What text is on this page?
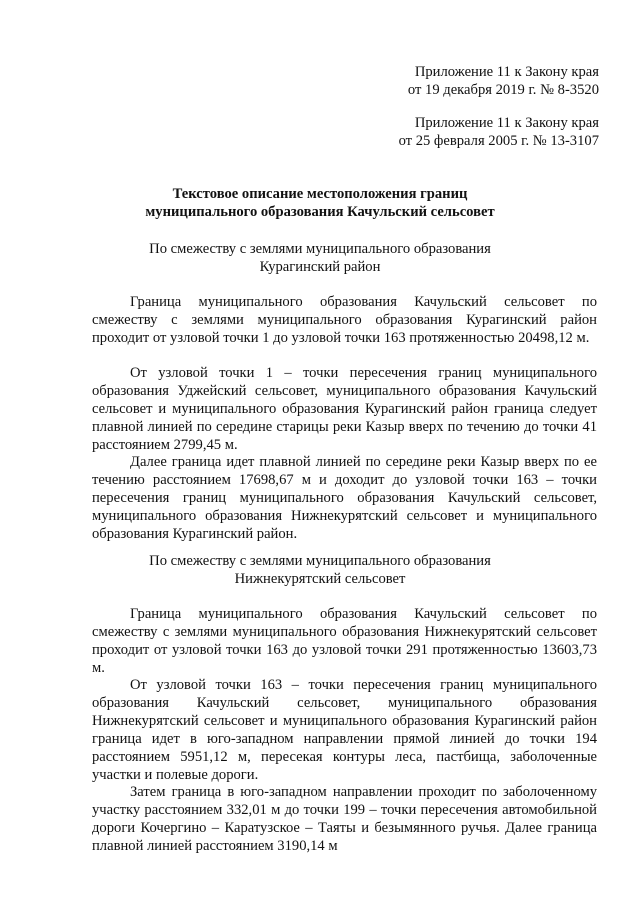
Приложение 11 к Закону края
от 19 декабря 2019 г. № 8-3520
Приложение 11 к Закону края
от 25 февраля 2005 г. № 13-3107
Текстовое описание местоположения границ
муниципального образования Качульский сельсовет
По смежеству с землями муниципального образования
Курагинский район

Граница муниципального образования Качульский сельсовет по смежеству с землями муниципального образования Курагинский район проходит от узловой точки 1 до узловой точки 163 протяженностью 20498,12 м.

От узловой точки 1 – точки пересечения границ муниципального образования Уджейский сельсовет, муниципального образования Качульский сельсовет и муниципального образования Курагинский район граница следует плавной линией по середине старицы реки Казыр вверх по течению до точки 41 расстоянием 2799,45 м.

Далее граница идет плавной линией по середине реки Казыр вверх по ее течению расстоянием 17698,67 м и доходит до узловой точки 163 – точки пересечения границ муниципального образования Качульский сельсовет, муниципального образования Нижнекурятский сельсовет и муниципального образования Курагинский район.

По смежеству с землями муниципального образования
Нижнекурятский сельсовет

Граница муниципального образования Качульский сельсовет по смежеству с землями муниципального образования Нижнекурятский сельсовет проходит от узловой точки 163 до узловой точки 291 протяженностью 13603,73 м.

От узловой точки 163 – точки пересечения границ муниципального образования Качульский сельсовет, муниципального образования Нижнекурятский сельсовет и муниципального образования Курагинский район граница идет в юго-западном направлении прямой линией до точки 194 расстоянием 5951,12 м, пересекая контуры леса, пастбища, заболоченные участки и полевые дороги.

Затем граница в юго-западном направлении проходит по заболоченному участку расстоянием 332,01 м до точки 199 – точки пересечения автомобильной дороги Кочергино – Каратузское – Таяты и безымянного ручья. Далее граница плавной линией расстоянием 3190,14 м
